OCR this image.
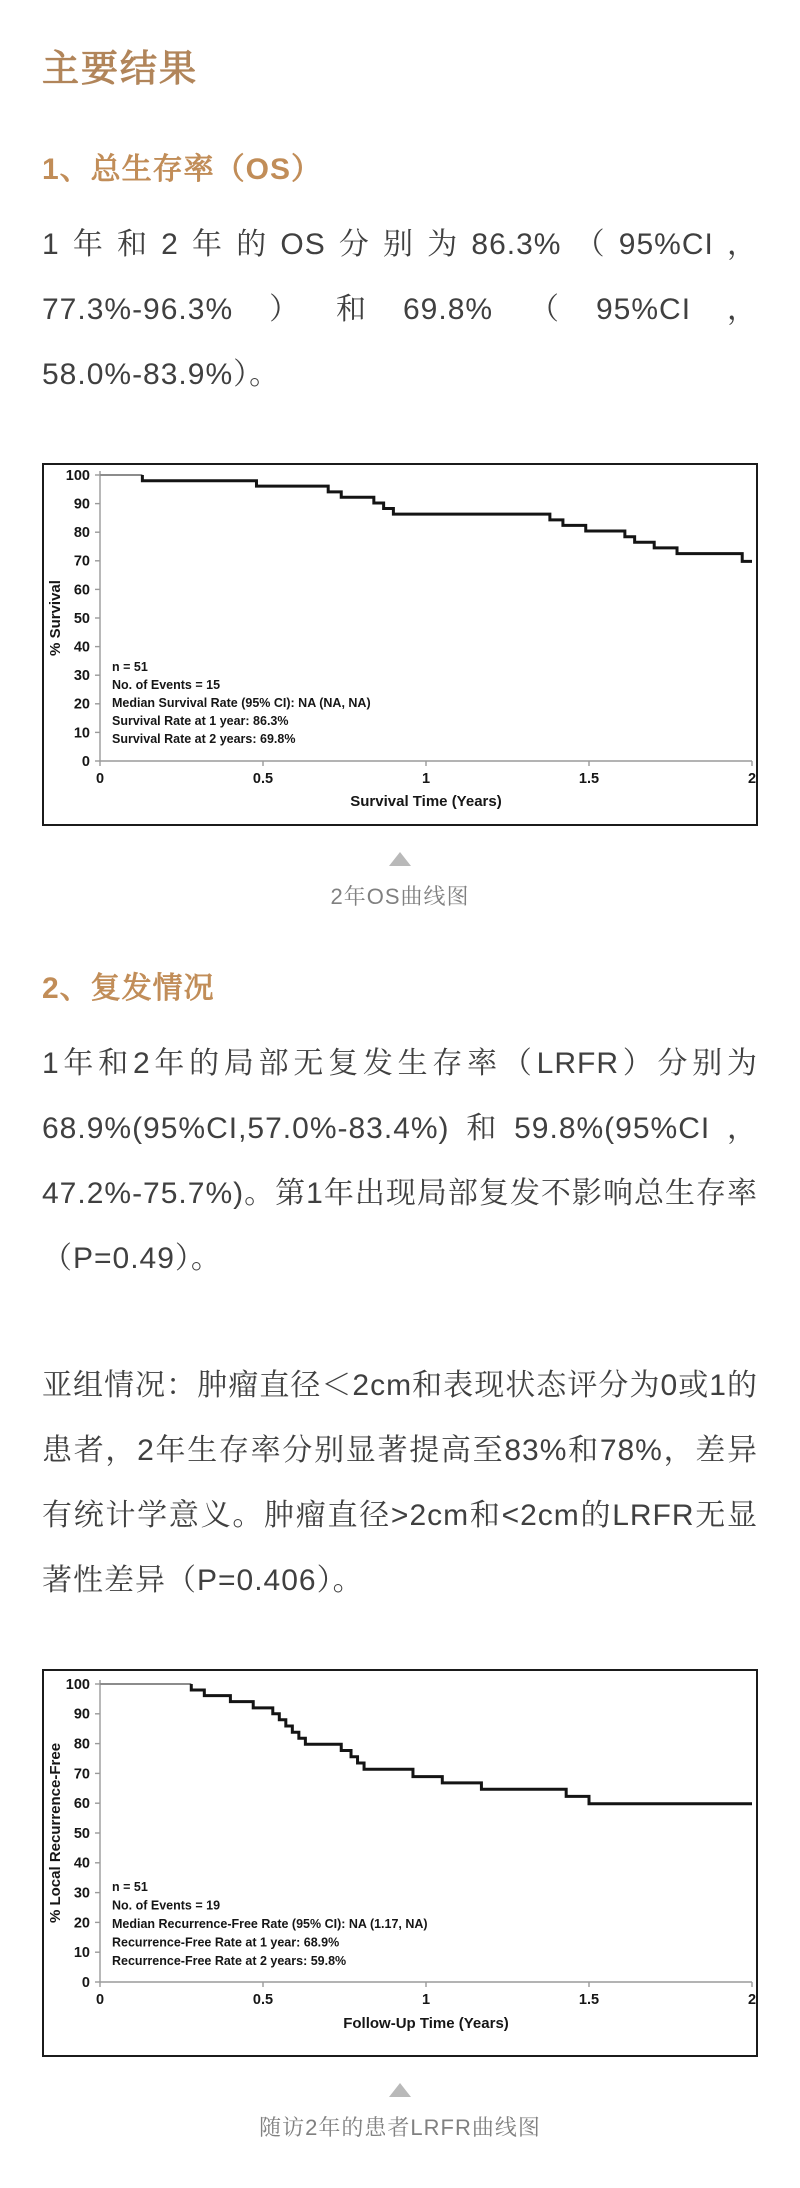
主要结果
1、总生存率（OS）

1年和2年的OS分别为86.3%（95%CI，77.3%-96.3%）和69.8%（95%CI，58.0%-83.9%）。

0
10
20
30
40
50
60
70
80
90
100
0	0.5	1	1.5	2
Survival Time (Years)
% Survival
n = 51
No. of Events = 15
Median Survival Rate (95% CI): NA (NA, NA)
Survival Rate at 1 year: 86.3%
Survival Rate at 2 years: 69.8%
2年OS曲线图
2、复发情况

1年和2年的局部无复发生存率（LRFR）分别为68.9%(95%CI,57.0%-83.4%)和59.8%(95%CI，47.2%-75.7%)。第1年出现局部复发不影响总生存率（P=0.49）。

亚组情况：肿瘤直径＜2cm和表现状态评分为0或1的患者，2年生存率分别显著提高至83%和78%，差异有统计学意义。肿瘤直径>2cm和<2cm的LRFR无显著性差异（P=0.406）。

0
10
20
30
40
50
60
70
80
90
100
0	0.5	1	1.5	2
Follow-Up Time (Years)
% Local Recurrence-Free	n = 51
No. of Events = 19
Median Recurrence-Free Rate (95% CI): NA (1.17, NA)
Recurrence-Free Rate at 1 year: 68.9%
Recurrence-Free Rate at 2 years: 59.8%
随访2年的患者LRFR曲线图
